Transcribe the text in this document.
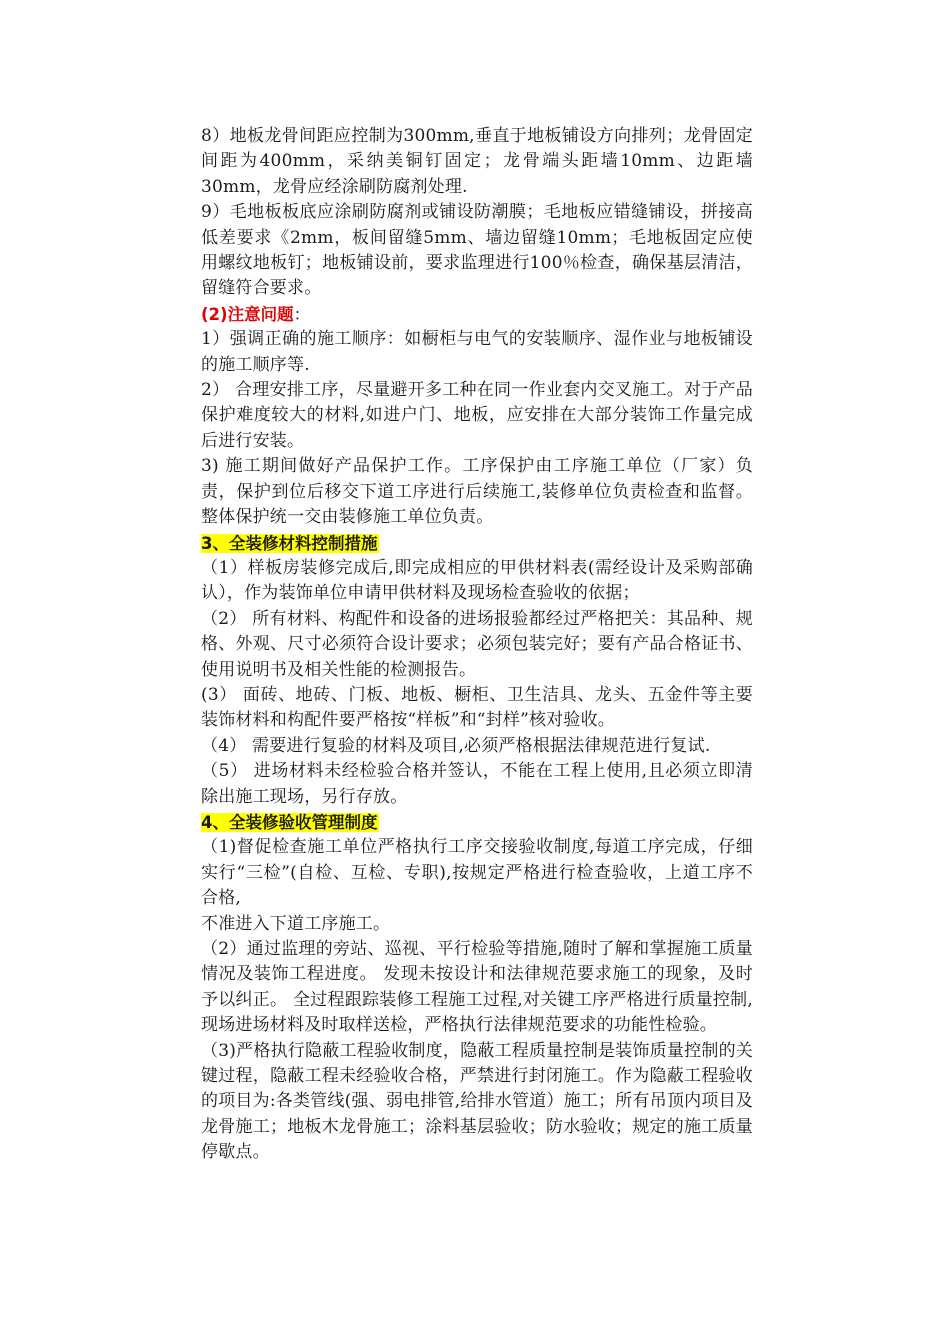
8）地板龙骨间距应控制为300mm,垂直于地板铺设方向排列；龙骨固定间距为400mm，采纳美铜钉固定；龙骨端头距墙10mm、边距墙30mm，龙骨应经涂刷防腐剂处理.

9）毛地板板底应涂刷防腐剂或铺设防潮膜；毛地板应错缝铺设，拼接高低差要求《2mm，板间留缝5mm、墙边留缝10mm；毛地板固定应使用螺纹地板钉；地板铺设前，要求监理进行100％检查，确保基层清洁，留缝符合要求。

(2)注意问题：

1）强调正确的施工顺序：如橱柜与电气的安装顺序、湿作业与地板铺设的施工顺序等.

2） 合理安排工序，尽量避开多工种在同一作业套内交叉施工。对于产品保护难度较大的材料,如进户门、地板，应安排在大部分装饰工作量完成后进行安装。

3) 施工期间做好产品保护工作。工序保护由工序施工单位（厂家）负责，保护到位后移交下道工序进行后续施工,装修单位负责检查和监督。整体保护统一交由装修施工单位负责。

3、全装修材料控制措施

（1）样板房装修完成后,即完成相应的甲供材料表(需经设计及采购部确认），作为装饰单位申请甲供材料及现场检查验收的依据；

（2） 所有材料、构配件和设备的进场报验都经过严格把关：其品种、规格、外观、尺寸必须符合设计要求；必须包装完好；要有产品合格证书、使用说明书及相关性能的检测报告。

(3） 面砖、地砖、门板、地板、橱柜、卫生洁具、龙头、五金件等主要装饰材料和构配件要严格按“样板”和“封样”核对验收。

（4） 需要进行复验的材料及项目,必须严格根据法律规范进行复试.

（5） 进场材料未经检验合格并签认，不能在工程上使用,且必须立即清除出施工现场，另行存放。

4、全装修验收管理制度

（1)督促检查施工单位严格执行工序交接验收制度,每道工序完成，仔细实行“三检”(自检、互检、专职),按规定严格进行检查验收，上道工序不合格,

不准进入下道工序施工。

（2）通过监理的旁站、巡视、平行检验等措施,随时了解和掌握施工质量情况及装饰工程进度。 发现未按设计和法律规范要求施工的现象，及时予以纠正。 全过程跟踪装修工程施工过程,对关键工序严格进行质量控制,现场进场材料及时取样送检，严格执行法律规范要求的功能性检验。

（3)严格执行隐蔽工程验收制度，隐蔽工程质量控制是装饰质量控制的关键过程，隐蔽工程未经验收合格，严禁进行封闭施工。作为隐蔽工程验收的项目为:各类管线(强、弱电排管,给排水管道）施工；所有吊顶内项目及龙骨施工；地板木龙骨施工；涂料基层验收；防水验收；规定的施工质量停歇点。
